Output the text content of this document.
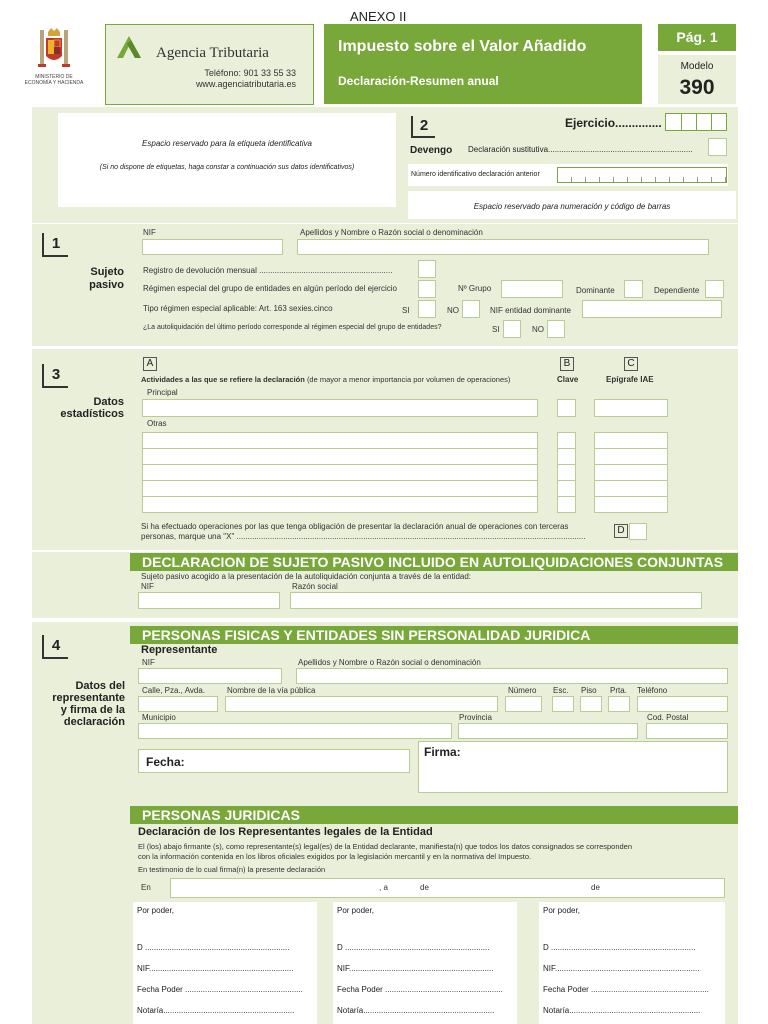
ANEXO II
MINISTERIO DE ECONOMÍA Y HACIENDA
Agencia Tributaria
Teléfono: 901 33 55 33
www.agenciatributaria.es
Impuesto sobre el Valor Añadido
Declaración-Resumen anual
Pág. 1
Modelo
390
Espacio reservado para la etiqueta identificativa
(Si no dispone de etiquetas, haga constar a continuación sus datos identificativos)
2
Devengo
Ejercicio..............
Declaración sustitutiva.................................................................
Número identificativo declaración anterior
Espacio reservado para numeración y código de barras
1
Sujeto
pasivo
NIF	Apellidos y Nombre o Razón social o denominación
Registro de devolución mensual ............................................................
Régimen especial del grupo de entidades en algún período del ejercicio	Nº Grupo	Dominante	Dependiente
Tipo régimen especial aplicable: Art. 163 sexies.cinco	SI	NO	NIF entidad dominante
¿La autoliquidación del último período corresponde al régimen especial del grupo de entidades?	SI	NO
3
Datos
estadísticos
A	B	C
Actividades a las que se refiere la declaración (de mayor a menor importancia por volumen de operaciones)	Clave	Epígrafe IAE
Principal
Otras
Si ha efectuado operaciones por las que tenga obligación de presentar la declaración anual de operaciones con terceras
personas, marque una "X" .............................................................................................................................................................
D
DECLARACION DE SUJETO PASIVO INCLUIDO EN AUTOLIQUIDACIONES CONJUNTAS
Sujeto pasivo acogido a la presentación de la autoliquidación conjunta a través de la entidad:
NIF	Razón social
4
Datos del
representante
y firma de la
declaración
PERSONAS FISICAS Y ENTIDADES SIN PERSONALIDAD JURIDICA
Representante
NIF	Apellidos y Nombre o Razón social o denominación
Calle, Pza., Avda.	Nombre de la vía pública	Número Esc. Piso Prta. Teléfono
Municipio	Provincia	Cod. Postal
Fecha:
Firma:
PERSONAS JURIDICAS
Declaración de los Representantes legales de la Entidad
El (los) abajo firmante (s), como representante(s) legal(es) de la Entidad declarante, manifiesta(n) que todos los datos consignados se corresponden
con la información contenida en los libros oficiales exigidos por la legislación mercantil y en la normativa del Impuesto.
En testimonio de lo cual firma(n) la presente declaración
En	, a	de	de
Por poder,
D .................................................................
NIF.................................................................
Fecha Poder .....................................................
Notaría...........................................................
Por poder,
D .................................................................
NIF.................................................................
Fecha Poder .....................................................
Notaría...........................................................
Por poder,
D .................................................................
NIF.................................................................
Fecha Poder .....................................................
Notaría...........................................................
